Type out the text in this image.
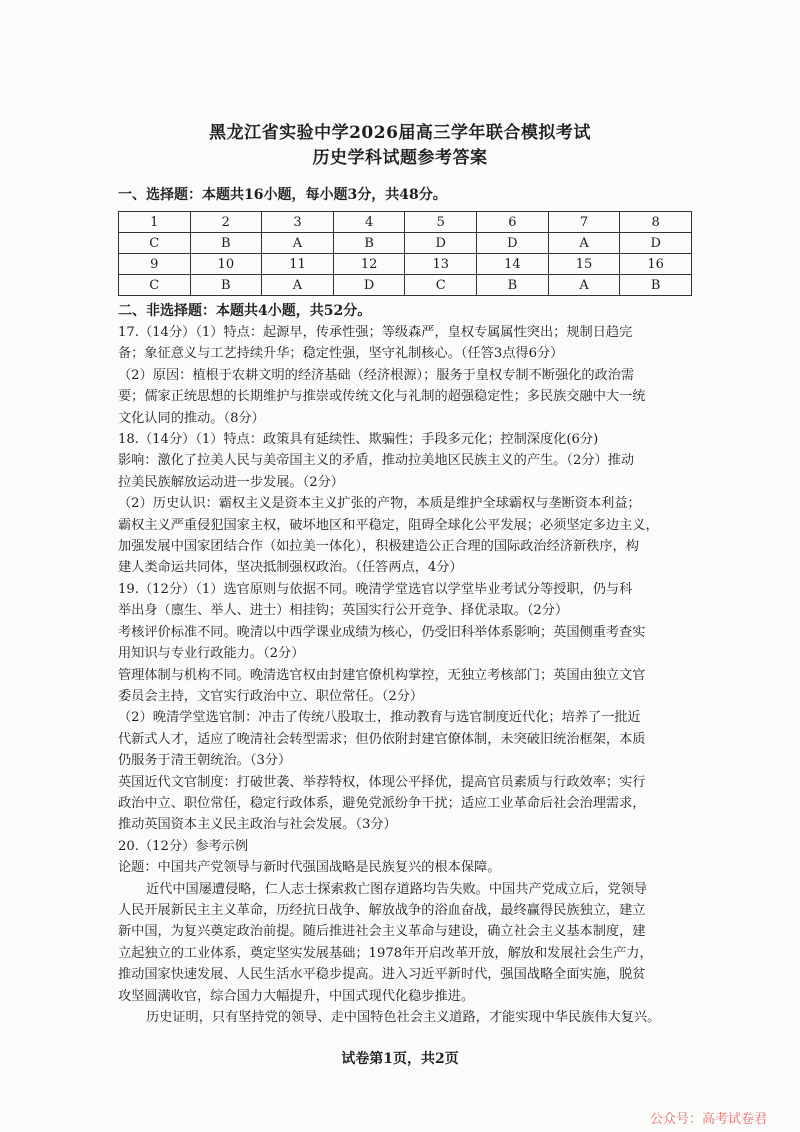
黑龙江省实验中学2026届高三学年联合模拟考试
历史学科试题参考答案
一、选择题：本题共16小题，每小题3分，共48分。
1	2	3	4	5	6	7	8
C	B	A	B	D	D	A	D
9	10	11	12	13	14	15	16
C	B	A	D	C	B	A	B
二、非选择题：本题共4小题，共52分。

17.（14分）（1）特点：起源早，传承性强；等级森严，皇权专属属性突出；规制日趋完

备；象征意义与工艺持续升华；稳定性强，坚守礼制核心。（任答3点得6分）

（2）原因：植根于农耕文明的经济基础（经济根源）；服务于皇权专制不断强化的政治需

要；儒家正统思想的长期维护与推崇或传统文化与礼制的超强稳定性；多民族交融中大一统

文化认同的推动。（8分）

18.（14分）（1）特点：政策具有延续性、欺骗性；手段多元化；控制深度化(6分)

影响：激化了拉美人民与美帝国主义的矛盾，推动拉美地区民族主义的产生。（2分）推动

拉美民族解放运动进一步发展。（2分）

（2）历史认识：霸权主义是资本主义扩张的产物，本质是维护全球霸权与垄断资本利益；

霸权主义严重侵犯国家主权，破坏地区和平稳定，阻碍全球化公平发展；必须坚定多边主义，

加强发展中国家团结合作（如拉美一体化），积极建造公正合理的国际政治经济新秩序，构

建人类命运共同体，坚决抵制强权政治。（任答两点，4分）

19.（12分）（1）选官原则与依据不同。晚清学堂选官以学堂毕业考试分等授职，仍与科

举出身（廪生、举人、进士）相挂钩；英国实行公开竞争、择优录取。（2分）

考核评价标准不同。晚清以中西学课业成绩为核心，仍受旧科举体系影响；英国侧重考查实

用知识与专业行政能力。（2分）

管理体制与机构不同。晚清选官权由封建官僚机构掌控，无独立考核部门；英国由独立文官

委员会主持，文官实行政治中立、职位常任。（2分）

（2）晚清学堂选官制：冲击了传统八股取士，推动教育与选官制度近代化；培养了一批近

代新式人才，适应了晚清社会转型需求；但仍依附封建官僚体制，未突破旧统治框架，本质

仍服务于清王朝统治。（3分）

英国近代文官制度：打破世袭、举荐特权，体现公平择优，提高官员素质与行政效率；实行

政治中立、职位常任，稳定行政体系，避免党派纷争干扰；适应工业革命后社会治理需求，

推动英国资本主义民主政治与社会发展。（3分）

20.（12分）参考示例

论题：中国共产党领导与新时代强国战略是民族复兴的根本保障。

近代中国屡遭侵略，仁人志士探索救亡图存道路均告失败。中国共产党成立后，党领导

人民开展新民主主义革命，历经抗日战争、解放战争的浴血奋战，最终赢得民族独立，建立

新中国，为复兴奠定政治前提。随后推进社会主义革命与建设，确立社会主义基本制度，建

立起独立的工业体系，奠定坚实发展基础；1978年开启改革开放，解放和发展社会生产力，

推动国家快速发展、人民生活水平稳步提高。进入习近平新时代，强国战略全面实施，脱贫

攻坚圆满收官，综合国力大幅提升，中国式现代化稳步推进。

历史证明，只有坚持党的领导、走中国特色社会主义道路，才能实现中华民族伟大复兴。

试卷第1页，共2页
公众号：高考试卷君
